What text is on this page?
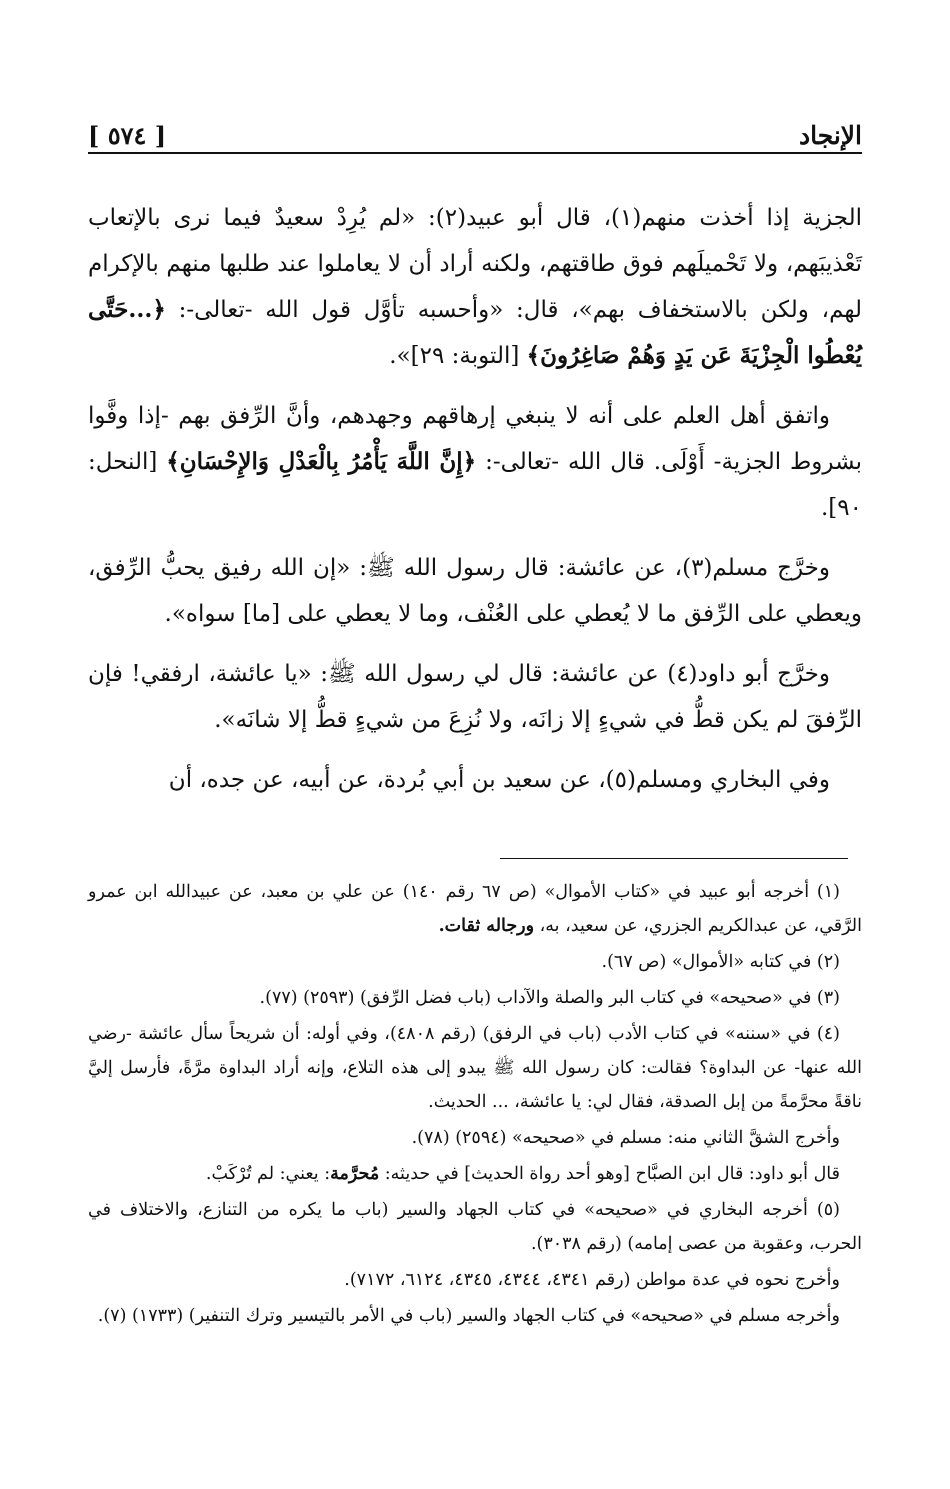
[ ٥٧٤ ]	الإنجاد

الجزية إذا أخذت منهم(١)، قال أبو عبيد(٢): «لم يُرِدْ سعيدٌ فيما نرى بالإتعاب تَعْذيبَهم، ولا تَحْميلَهم فوق طاقتهم، ولكنه أراد أن لا يعاملوا عند طلبها منهم بالإكرام لهم، ولكن بالاستخفاف بهم»، قال: «وأحسبه تأوَّل قول الله -تعالى-: ﴿...حَتَّى يُعْطُوا الْجِزْيَةَ عَن يَدٍ وَهُمْ صَاغِرُونَ﴾ [التوبة: ٢٩]».

واتفق أهل العلم على أنه لا ينبغي إرهاقهم وجهدهم، وأنَّ الرِّفق بهم -إذا وفَّوا بشروط الجزية- أَوْلَى. قال الله -تعالى-: ﴿إِنَّ اللَّهَ يَأْمُرُ بِالْعَدْلِ وَالإِحْسَانِ﴾ [النحل: ٩٠].

وخرَّج مسلم(٣)، عن عائشة: قال رسول الله ﷺ: «إن الله رفيق يحبُّ الرِّفق، ويعطي على الرِّفق ما لا يُعطي على العُنْف، وما لا يعطي على [ما] سواه».

وخرَّج أبو داود(٤) عن عائشة: قال لي رسول الله ﷺ: «يا عائشة، ارفقي! فإن الرِّفقَ لم يكن قطُّ في شيءٍ إلا زانَه، ولا نُزِعَ من شيءٍ قطُّ إلا شانَه».

وفي البخاري ومسلم(٥)، عن سعيد بن أبي بُردة، عن أبيه، عن جده، أن

(١) أخرجه أبو عبيد في «كتاب الأموال» (ص ٦٧ رقم ١٤٠) عن علي بن معبد، عن عبيدالله ابن عمرو الرَّقي، عن عبدالكريم الجزري، عن سعيد، به، ورجاله ثقات.

(٢) في كتابه «الأموال» (ص ٦٧).

(٣) في «صحيحه» في كتاب البر والصلة والآداب (باب فضل الرِّفق) (٢٥٩٣) (٧٧).

(٤) في «سننه» في كتاب الأدب (باب في الرفق) (رقم ٤٨٠٨)، وفي أوله: أن شريحاً سأل عائشة -رضي الله عنها- عن البداوة؟ فقالت: كان رسول الله ﷺ يبدو إلى هذه التلاع، وإنه أراد البداوة مرَّةً، فأرسل إليَّ ناقةً محرَّمةً من إبل الصدقة، فقال لي: يا عائشة، ... الحديث.

وأخرج الشقَّ الثاني منه: مسلم في «صحيحه» (٢٥٩٤) (٧٨).

قال أبو داود: قال ابن الصبَّاح [وهو أحد رواة الحديث] في حديثه: مُحرَّمة: يعني: لم تُرْكَبْ.

(٥) أخرجه البخاري في «صحيحه» في كتاب الجهاد والسير (باب ما يكره من التنازع، والاختلاف في الحرب، وعقوبة من عصى إمامه) (رقم ٣٠٣٨).

وأخرج نحوه في عدة مواطن (رقم ٤٣٤١، ٤٣٤٤، ٤٣٤٥، ٦١٢٤، ٧١٧٢).

وأخرجه مسلم في «صحيحه» في كتاب الجهاد والسير (باب في الأمر بالتيسير وترك التنفير) (١٧٣٣) (٧).
